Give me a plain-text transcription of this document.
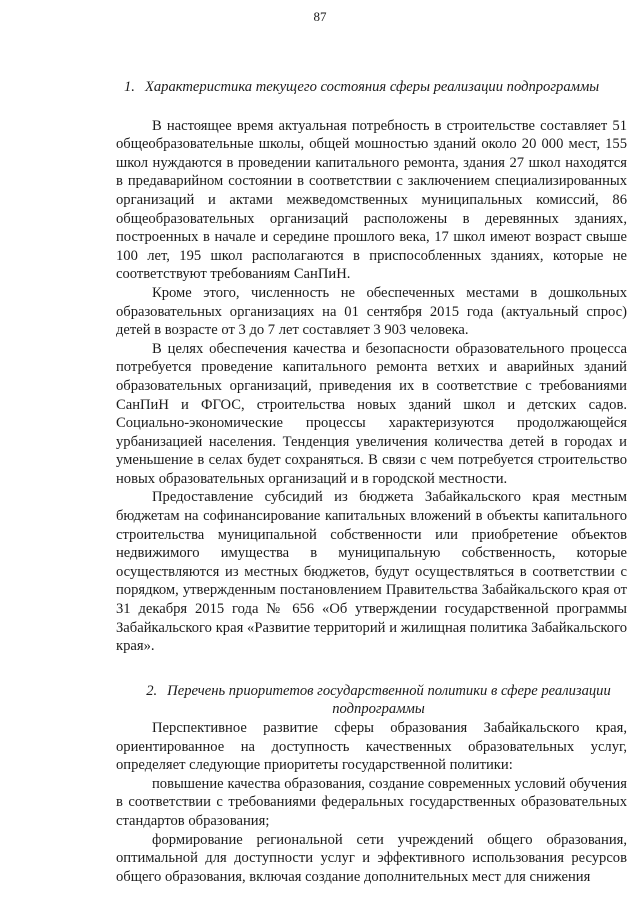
87
1. Характеристика текущего состояния сферы реализации подпрограммы

В настоящее время актуальная потребность в строительстве составляет 51 общеобразовательные школы, общей мошностью зданий около 20 000 мест, 155 школ нуждаются в проведении капитального ремонта, здания 27 школ находятся в предаварийном состоянии в соответствии с заключением специализированных организаций и актами межведомственных муниципальных комиссий, 86 общеобразовательных организаций расположены в деревянных зданиях, построенных в начале и середине прошлого века, 17 школ имеют возраст свыше 100 лет, 195 школ располагаются в приспособленных зданиях, которые не соответствуют требованиям СанПиН.

Кроме этого, численность не обеспеченных местами в дошкольных образовательных организациях на 01 сентября 2015 года (актуальный спрос) детей в возрасте от 3 до 7 лет составляет 3 903 человека.

В целях обеспечения качества и безопасности образовательного процесса потребуется проведение капитального ремонта ветхих и аварийных зданий образовательных организаций, приведения их в соответствие с требованиями СанПиН и ФГОС, строительства новых зданий школ и детских садов. Социально-экономические процессы характеризуются продолжающейся урбанизацией населения. Тенденция увеличения количества детей в городах и уменьшение в селах будет сохраняться. В связи с чем потребуется строительство новых образовательных организаций и в городской местности.

Предоставление субсидий из бюджета Забайкальского края местным бюджетам на софинансирование капитальных вложений в объекты капитального строительства муниципальной собственности или приобретение объектов недвижимого имущества в муниципальную собственность, которые осуществляются из местных бюджетов, будут осуществляться в соответствии с порядком, утвержденным постановлением Правительства Забайкальского края от 31 декабря 2015 года № 656 «Об утверждении государственной программы Забайкальского края «Развитие территорий и жилищная политика Забайкальского края».

2. Перечень приоритетов государственной политики в сфере реализации
подпрограммы

Перспективное развитие сферы образования Забайкальского края, ориентированное на доступность качественных образовательных услуг, определяет следующие приоритеты государственной политики:

повышение качества образования, создание современных условий обучения в соответствии с требованиями федеральных государственных образовательных стандартов образования;

формирование региональной сети учреждений общего образования, оптимальной для доступности услуг и эффективного использования ресурсов общего образования, включая создание дополнительных мест для снижения
